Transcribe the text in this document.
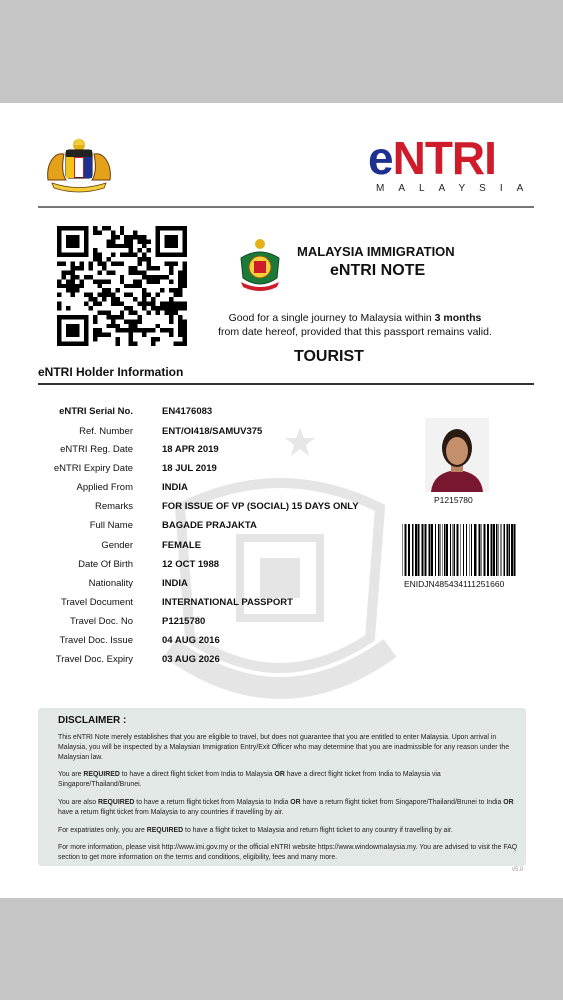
eNTRI
MALAYSIA
MALAYSIA IMMIGRATION
eNTRI NOTE
Good for a single journey to Malaysia within 3 months
from date hereof, provided that this passport remains valid.
TOURIST
eNTRI Holder Information
eNTRI Serial No.	EN4176083
Ref. Number	ENT/OI418/SAMUV375
eNTRI Reg. Date	18 APR 2019
eNTRI Expiry Date	18 JUL 2019
Applied From	INDIA
Remarks	FOR ISSUE OF VP (SOCIAL) 15 DAYS ONLY
Full Name	BAGADE PRAJAKTA
Gender	FEMALE
Date Of Birth	12 OCT 1988
Nationality	INDIA
Travel Document	INTERNATIONAL PASSPORT
Travel Doc. No	P1215780
Travel Doc. Issue	04 AUG 2016
Travel Doc. Expiry	03 AUG 2026
P1215780
ENIDJN485434111251660
DISCLAIMER :

This eNTRI Note merely establishes that you are eligible to travel, but does not guarantee that you are entitled to enter Malaysia. Upon arrival in Malaysia, you will be inspected by a Malaysian Immigration Entry/Exit Officer who may determine that you are inadmissible for any reason under the Malaysian law.

You are REQUIRED to have a direct flight ticket from India to Malaysia OR have a direct flight ticket from India to Malaysia via Singapore/Thailand/Brunei.

You are also REQUIRED to have a return flight ticket from Malaysia to India OR have a return flight ticket from Singapore/Thailand/Brunei to India OR have a return flight ticket from Malaysia to any countries if travelling by air.

For expatriates only, you are REQUIRED to have a flight ticket to Malaysia and return flight ticket to any country if travelling by air.

For more information, please visit http://www.imi.gov.my or the official eNTRI website https://www.windowmalaysia.my. You are advised to visit the FAQ section to get more information on the terms and conditions, eligibility, fees and many more.

v5.0
